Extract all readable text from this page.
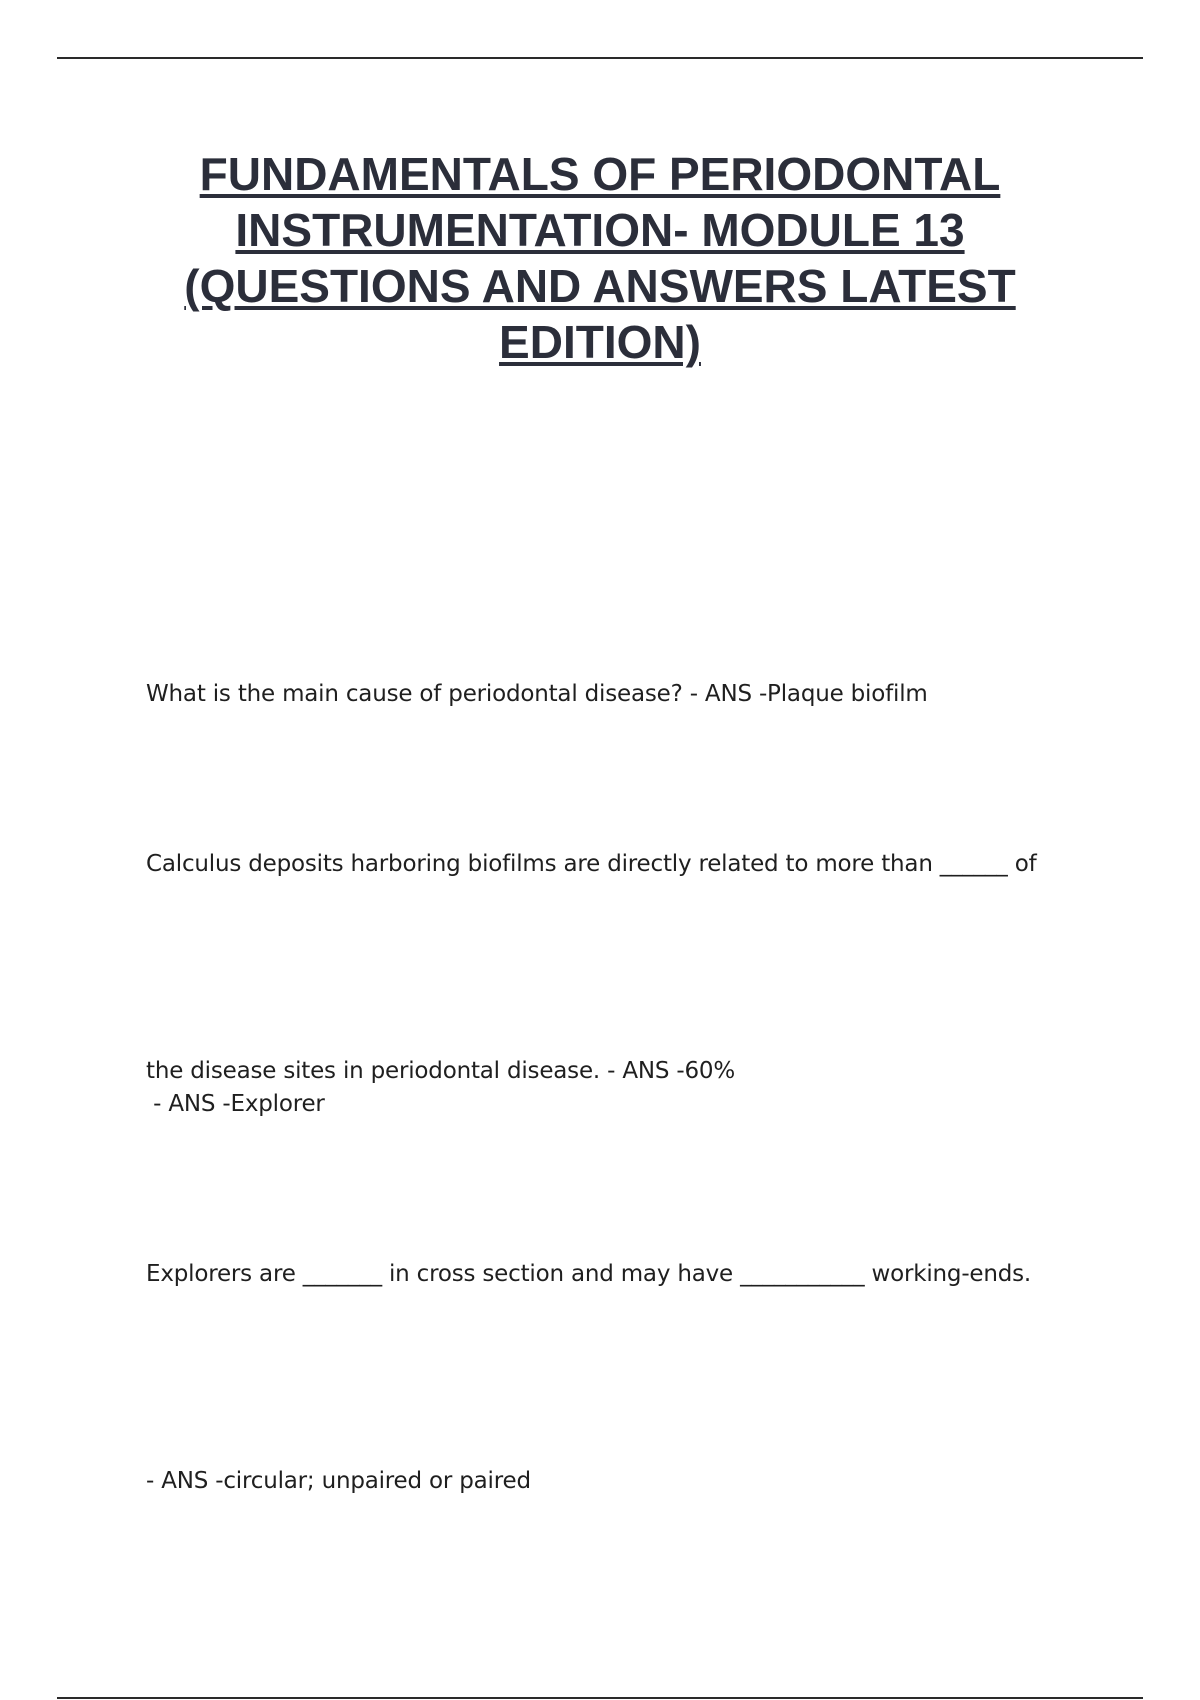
FUNDAMENTALS OF PERIODONTAL INSTRUMENTATION- MODULE 13 (QUESTIONS AND ANSWERS LATEST EDITION)

What is the main cause of periodontal disease? - ANS -Plaque biofilm

Calculus deposits harboring biofilms are directly related to more than ______ of

the disease sites in periodontal disease. - ANS -60%

- ANS -Explorer

Explorers are _______ in cross section and may have ___________ working-ends.

- ANS -circular; unpaired or paired
